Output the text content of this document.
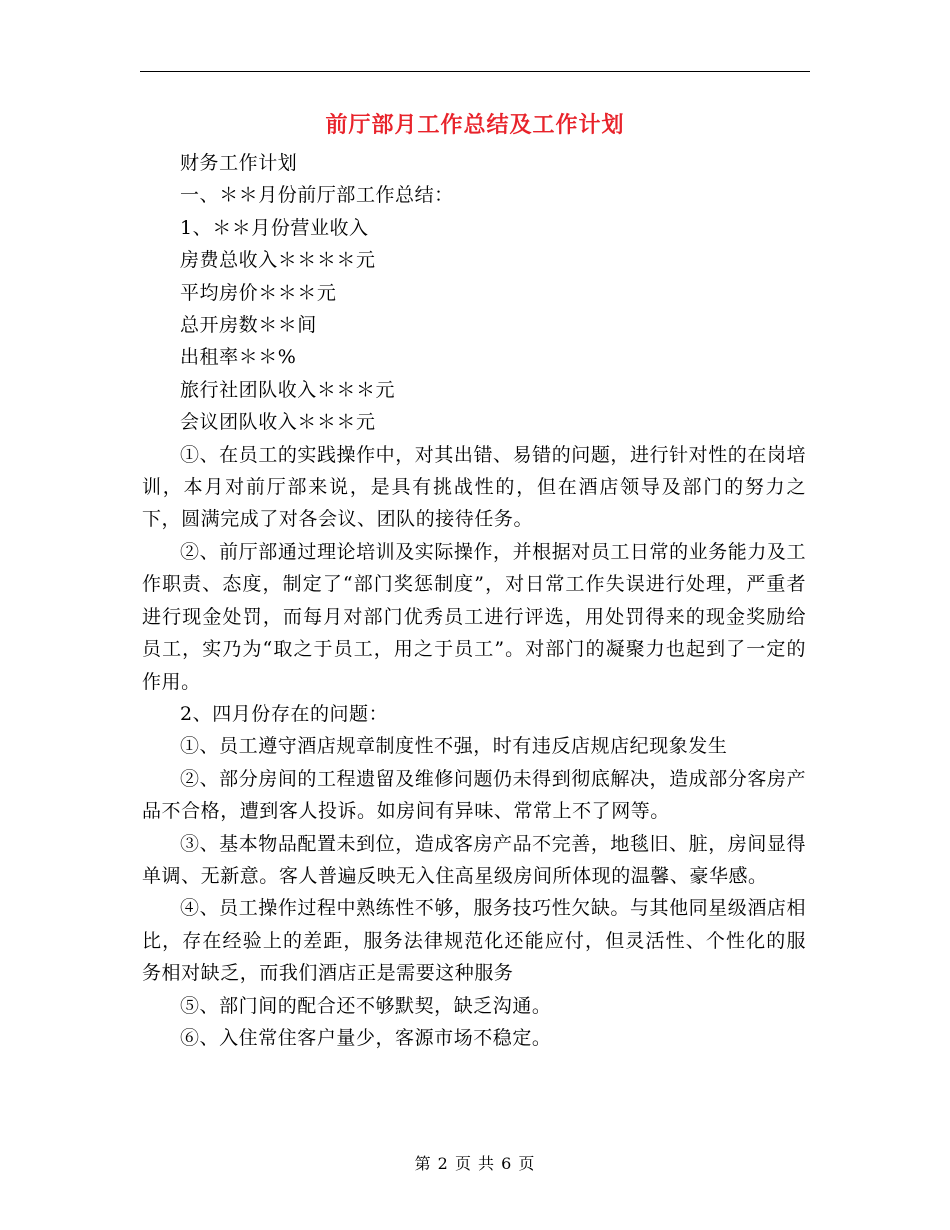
前厅部月工作总结及工作计划

财务工作计划

一、＊＊月份前厅部工作总结：

1、＊＊月份营业收入

房费总收入＊＊＊＊元

平均房价＊＊＊元

总开房数＊＊间

出租率＊＊%

旅行社团队收入＊＊＊元

会议团队收入＊＊＊元

①、在员工的实践操作中，对其出错、易错的问题，进行针对性的在岗培训，本月对前厅部来说，是具有挑战性的，但在酒店领导及部门的努力之下，圆满完成了对各会议、团队的接待任务。

②、前厅部通过理论培训及实际操作，并根据对员工日常的业务能力及工作职责、态度，制定了“部门奖惩制度”，对日常工作失误进行处理，严重者进行现金处罚，而每月对部门优秀员工进行评选，用处罚得来的现金奖励给员工，实乃为“取之于员工，用之于员工”。对部门的凝聚力也起到了一定的作用。

2、四月份存在的问题：

①、员工遵守酒店规章制度性不强，时有违反店规店纪现象发生

②、部分房间的工程遗留及维修问题仍未得到彻底解决，造成部分客房产品不合格，遭到客人投诉。如房间有异味、常常上不了网等。

③、基本物品配置未到位，造成客房产品不完善，地毯旧、脏，房间显得单调、无新意。客人普遍反映无入住高星级房间所体现的温馨、豪华感。

④、员工操作过程中熟练性不够，服务技巧性欠缺。与其他同星级酒店相比，存在经验上的差距，服务法律规范化还能应付，但灵活性、个性化的服务相对缺乏，而我们酒店正是需要这种服务

⑤、部门间的配合还不够默契，缺乏沟通。

⑥、入住常住客户量少，客源市场不稳定。

第 2 页 共 6 页
